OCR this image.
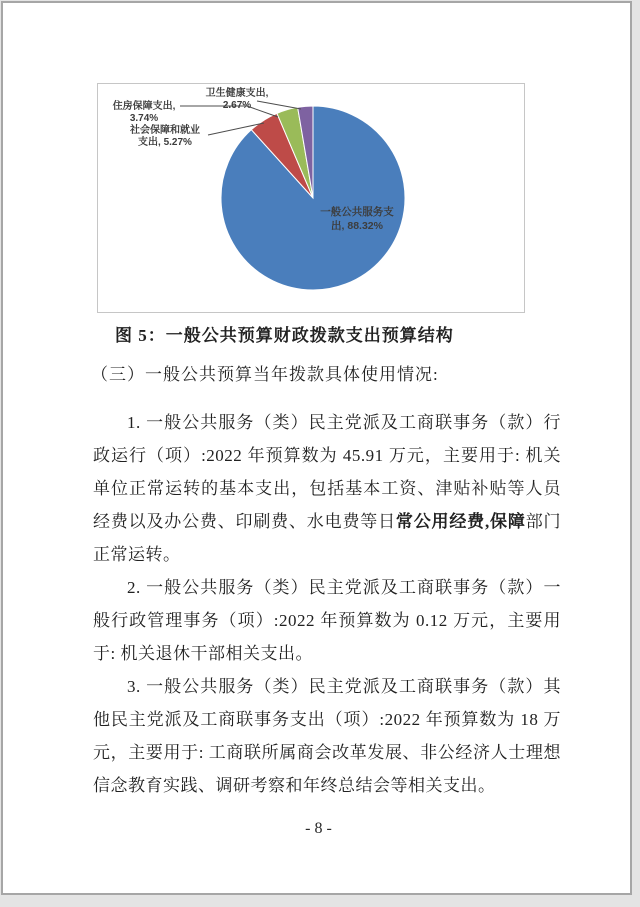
一般公共服务支
出, 88.32%
卫生健康支出,
2.67%
住房保障支出,
3.74%
社会保障和就业
支出, 5.27%
图 5：一般公共预算财政拨款支出预算结构
（三）一般公共预算当年拨款具体使用情况:

1. 一般公共服务（类）民主党派及工商联事务（款）行政运行（项）:2022 年预算数为 45.91 万元，主要用于: 机关单位正常运转的基本支出，包括基本工资、津贴补贴等人员经费以及办公费、印刷费、水电费等日常公用经费,保障部门正常运转。

2. 一般公共服务（类）民主党派及工商联事务（款）一般行政管理事务（项）:2022 年预算数为 0.12 万元，主要用于: 机关退休干部相关支出。

3. 一般公共服务（类）民主党派及工商联事务（款）其他民主党派及工商联事务支出（项）:2022 年预算数为 18 万元，主要用于: 工商联所属商会改革发展、非公经济人士理想信念教育实践、调研考察和年终总结会等相关支出。

- 8 -
